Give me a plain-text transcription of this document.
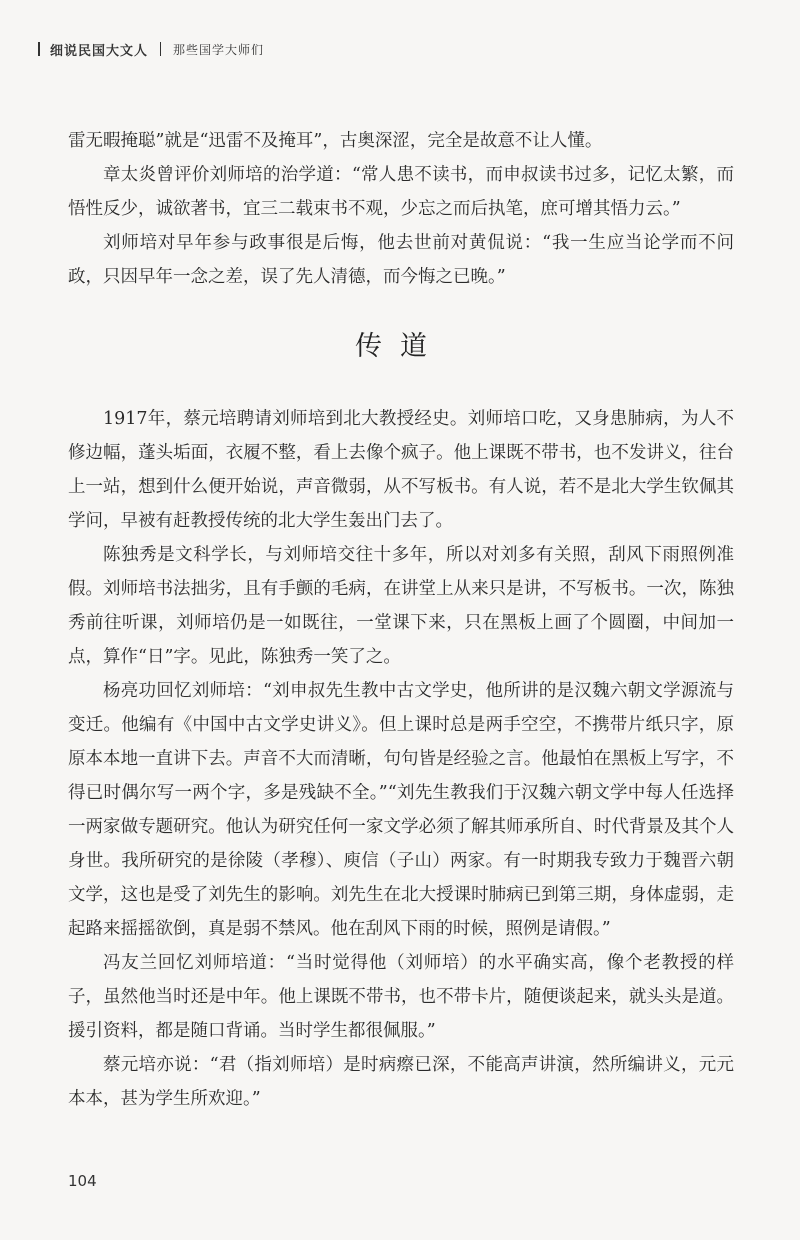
细说民国大文人 那些国学大师们

雷无暇掩聪”就是“迅雷不及掩耳”，古奥深涩，完全是故意不让人懂。

章太炎曾评价刘师培的治学道：“常人患不读书，而申叔读书过多，记忆太繁，而悟性反少，诚欲著书，宜三二载束书不观，少忘之而后执笔，庶可增其悟力云。”

刘师培对早年参与政事很是后悔，他去世前对黄侃说：“我一生应当论学而不问政，只因早年一念之差，误了先人清德，而今悔之已晚。”

传道

1917年，蔡元培聘请刘师培到北大教授经史。刘师培口吃，又身患肺病，为人不修边幅，蓬头垢面，衣履不整，看上去像个疯子。他上课既不带书，也不发讲义，往台上一站，想到什么便开始说，声音微弱，从不写板书。有人说，若不是北大学生钦佩其学问，早被有赶教授传统的北大学生轰出门去了。

陈独秀是文科学长，与刘师培交往十多年，所以对刘多有关照，刮风下雨照例准假。刘师培书法拙劣，且有手颤的毛病，在讲堂上从来只是讲，不写板书。一次，陈独秀前往听课，刘师培仍是一如既往，一堂课下来，只在黑板上画了个圆圈，中间加一点，算作“日”字。见此，陈独秀一笑了之。

杨亮功回忆刘师培：“刘申叔先生教中古文学史，他所讲的是汉魏六朝文学源流与变迁。他编有《中国中古文学史讲义》。但上课时总是两手空空，不携带片纸只字，原原本本地一直讲下去。声音不大而清晰，句句皆是经验之言。他最怕在黑板上写字，不得已时偶尔写一两个字，多是残缺不全。”“刘先生教我们于汉魏六朝文学中每人任选择一两家做专题研究。他认为研究任何一家文学必须了解其师承所自、时代背景及其个人身世。我所研究的是徐陵（孝穆）、庾信（子山）两家。有一时期我专致力于魏晋六朝文学，这也是受了刘先生的影响。刘先生在北大授课时肺病已到第三期，身体虚弱，走起路来摇摇欲倒，真是弱不禁风。他在刮风下雨的时候，照例是请假。”

冯友兰回忆刘师培道：“当时觉得他（刘师培）的水平确实高，像个老教授的样子，虽然他当时还是中年。他上课既不带书，也不带卡片，随便谈起来，就头头是道。援引资料，都是随口背诵。当时学生都很佩服。”

蔡元培亦说：“君（指刘师培）是时病瘵已深，不能高声讲演，然所编讲义，元元本本，甚为学生所欢迎。”

104
